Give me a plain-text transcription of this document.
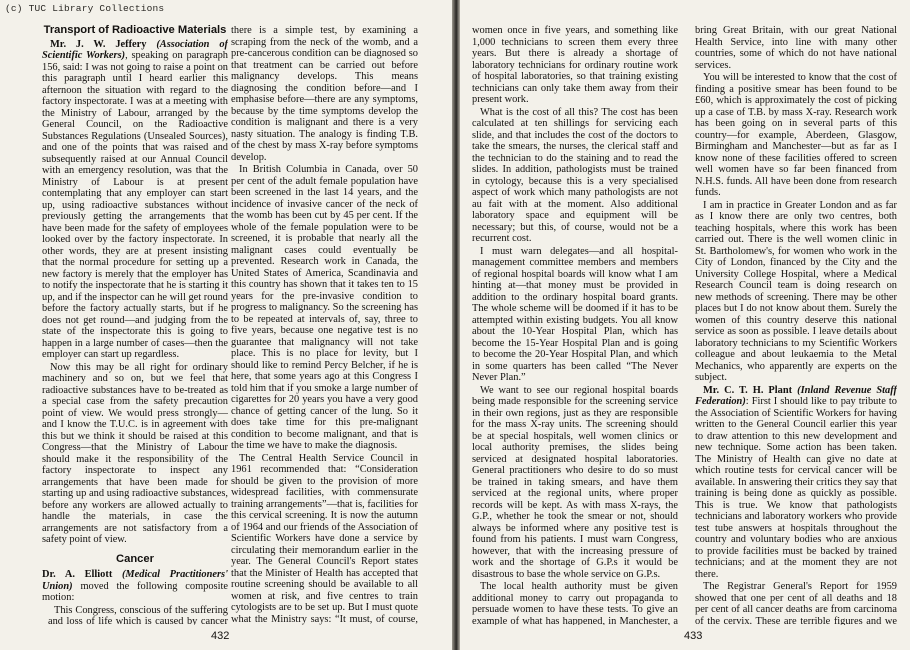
(c) TUC Library Collections

Transport of Radioactive Materials

Mr. J. W. Jeffery (Association of Scientific Workers), speaking on paragraph 156, said: I was not going to raise a point on this paragraph until I heard earlier this afternoon the situation with regard to the factory inspectorate. I was at a meeting with the Ministry of Labour, arranged by the General Council, on the Radioactive Substances Regulations (Unsealed Sources), and one of the points that was raised and subsequently raised at our Annual Council with an emergency resolution, was that the Ministry of Labour is at present contemplating that any employer can start up, using radioactive substances without previously getting the arrangements that have been made for the safety of employees looked over by the factory inspectorate. In other words, they are at present insisting that the normal procedure for setting up a new factory is merely that the employer has to notify the inspectorate that he is starting it up, and if the inspector can he will get round before the factory actually starts, but if he does not get round—and judging from the state of the inspectorate this is going to happen in a large number of cases—then the employer can start up regardless.

Now this may be all right for ordinary machinery and so on, but we feel that radioactive substances have to be-treated as a special case from the safety precaution point of view. We would press strongly—and I know the T.U.C. is in agreement with this but we think it should be raised at this Congress—that the Ministry of Labour should make it the responsibility of the factory inspectorate to inspect any arrangements that have been made for starting up and using radioactive substances, before any workers are allowed actually to handle the materials, in case the arrangements are not satisfactory from a safety point of view.

Cancer

Dr. A. Elliott (Medical Practitioners' Union) moved the following composite motion:

This Congress, conscious of the suffering and loss of life which is caused by cancer

there is a simple test, by examining a scraping from the neck of the womb, and a pre-cancerous condition can be diagnosed so that treatment can be carried out before malignancy develops. This means diagnosing the condition before—and I emphasise before—there are any symptoms, because by the time symptoms develop the condition is malignant and there is a very nasty situation. The analogy is finding T.B. of the chest by mass X-ray before symptoms develop.

In British Columbia in Canada, over 50 per cent of the adult female population have been screened in the last 14 years, and the incidence of invasive cancer of the neck of the womb has been cut by 45 per cent. If the whole of the female population were to be screened, it is probable that nearly all the malignant cases could eventually be prevented. Research work in Canada, the United States of America, Scandinavia and this country has shown that it takes ten to 15 years for the pre-invasive condition to progress to malignancy. So the screening has to be repeated at intervals of, say, three to five years, because one negative test is no guarantee that malignancy will not take place. This is no place for levity, but I should like to remind Percy Belcher, if he is here, that some years ago at this Congress I told him that if you smoke a large number of cigarettes for 20 years you have a very good chance of getting cancer of the lung. So it does take time for this pre-malignant condition to become malignant, and that is the time we have to make the diagnosis.

The Central Health Service Council in 1961 recommended that: “Consideration should be given to the provision of more widespread facilities, with commensurate training arrangements”—that is, facilities for this cervical screening. It is now the autumn of 1964 and our friends of the Association of Scientific Workers have done a service by circulating their memorandum earlier in the year. The General Council's Report states that the Minister of Health has accepted that routine screening should be available to all women at risk, and five centres to train cytologists are to be set up. But I must quote what the Ministry says: “It must, of course,

432

women once in five years, and something like 1,000 technicians to screen them every three years. But there is already a shortage of laboratory technicians for ordinary routine work of hospital laboratories, so that training existing technicians can only take them away from their present work.

What is the cost of all this? The cost has been calculated at ten shillings for servicing each slide, and that includes the cost of the doctors to take the smears, the nurses, the clerical staff and the technician to do the staining and to read the slides. In addition, pathologists must be trained in cytology, because this is a very specialised aspect of work which many pathologists are not au fait with at the moment. Also additional laboratory space and equipment will be necessary; but this, of course, would not be a recurrent cost.

I must warn delegates—and all hospital-management committee members and members of regional hospital boards will know what I am hinting at—that money must be provided in addition to the ordinary hospital board grants. The whole scheme will be doomed if it has to be attempted within existing budgets. You all know about the 10-Year Hospital Plan, which has become the 15-Year Hospital Plan and is going to become the 20-Year Hospital Plan, and which in some quarters has been called “The Never Never Plan.”

We want to see our regional hospital boards being made responsible for the screening service in their own regions, just as they are responsible for the mass X-ray units. The screening should be at special hospitals, well women clinics or local authority premises, the slides being serviced at designated hospital laboratories. General practitioners who desire to do so must be trained in taking smears, and have them serviced at the regional units, where proper records will be kept. As with mass X-rays, the G.P., whether he took the smear or not, should always be informed where any positive test is found from his patients. I must warn Congress, however, that with the increasing pressure of work and the shortage of G.P.s it would be disastrous to base the whole service on G.P.s.

The local health authority must be given additional money to carry out propaganda to persuade women to have these tests. To give an example of what has happened, in Manchester, a

bring Great Britain, with our great National Health Service, into line with many other countries, some of which do not have national services.

You will be interested to know that the cost of finding a positive smear has been found to be £60, which is approximately the cost of picking up a case of T.B. by mass X-ray. Research work has been going on in several parts of this country—for example, Aberdeen, Glasgow, Birmingham and Manchester—but as far as I know none of these facilities offered to screen well women have so far been financed from N.H.S. funds. All have been done from research funds.

I am in practice in Greater London and as far as I know there are only two centres, both teaching hospitals, where this work has been carried out. There is the well women clinic in St. Bartholomew's, for women who work in the City of London, financed by the City and the University College Hospital, where a Medical Research Council team is doing research on new methods of screening. There may be other places but I do not know about them. Surely the women of this country deserve this national service as soon as possible. I leave details about laboratory technicians to my Scientific Workers colleague and about leukaemia to the Metal Mechanics, who apparently are experts on the subject.

Mr. C. T. H. Plant (Inland Revenue Staff Federation): First I should like to pay tribute to the Association of Scientific Workers for having written to the General Council earlier this year to draw attention to this new development and new technique. Some action has been taken. The Ministry of Health can give no date at which routine tests for cervical cancer will be available. In answering their critics they say that training is being done as quickly as possible. This is true. We know that pathologists technicians and laboratory workers who provide test tube answers at hospitals throughout the country and voluntary bodies who are anxious to provide facilities must be backed by trained technicians; and at the moment they are not there.

The Registrar General's Report for 1959 showed that one per cent of all deaths and 18 per cent of all cancer deaths are from carcinoma of the cervix. These are terrible figures and we

433
